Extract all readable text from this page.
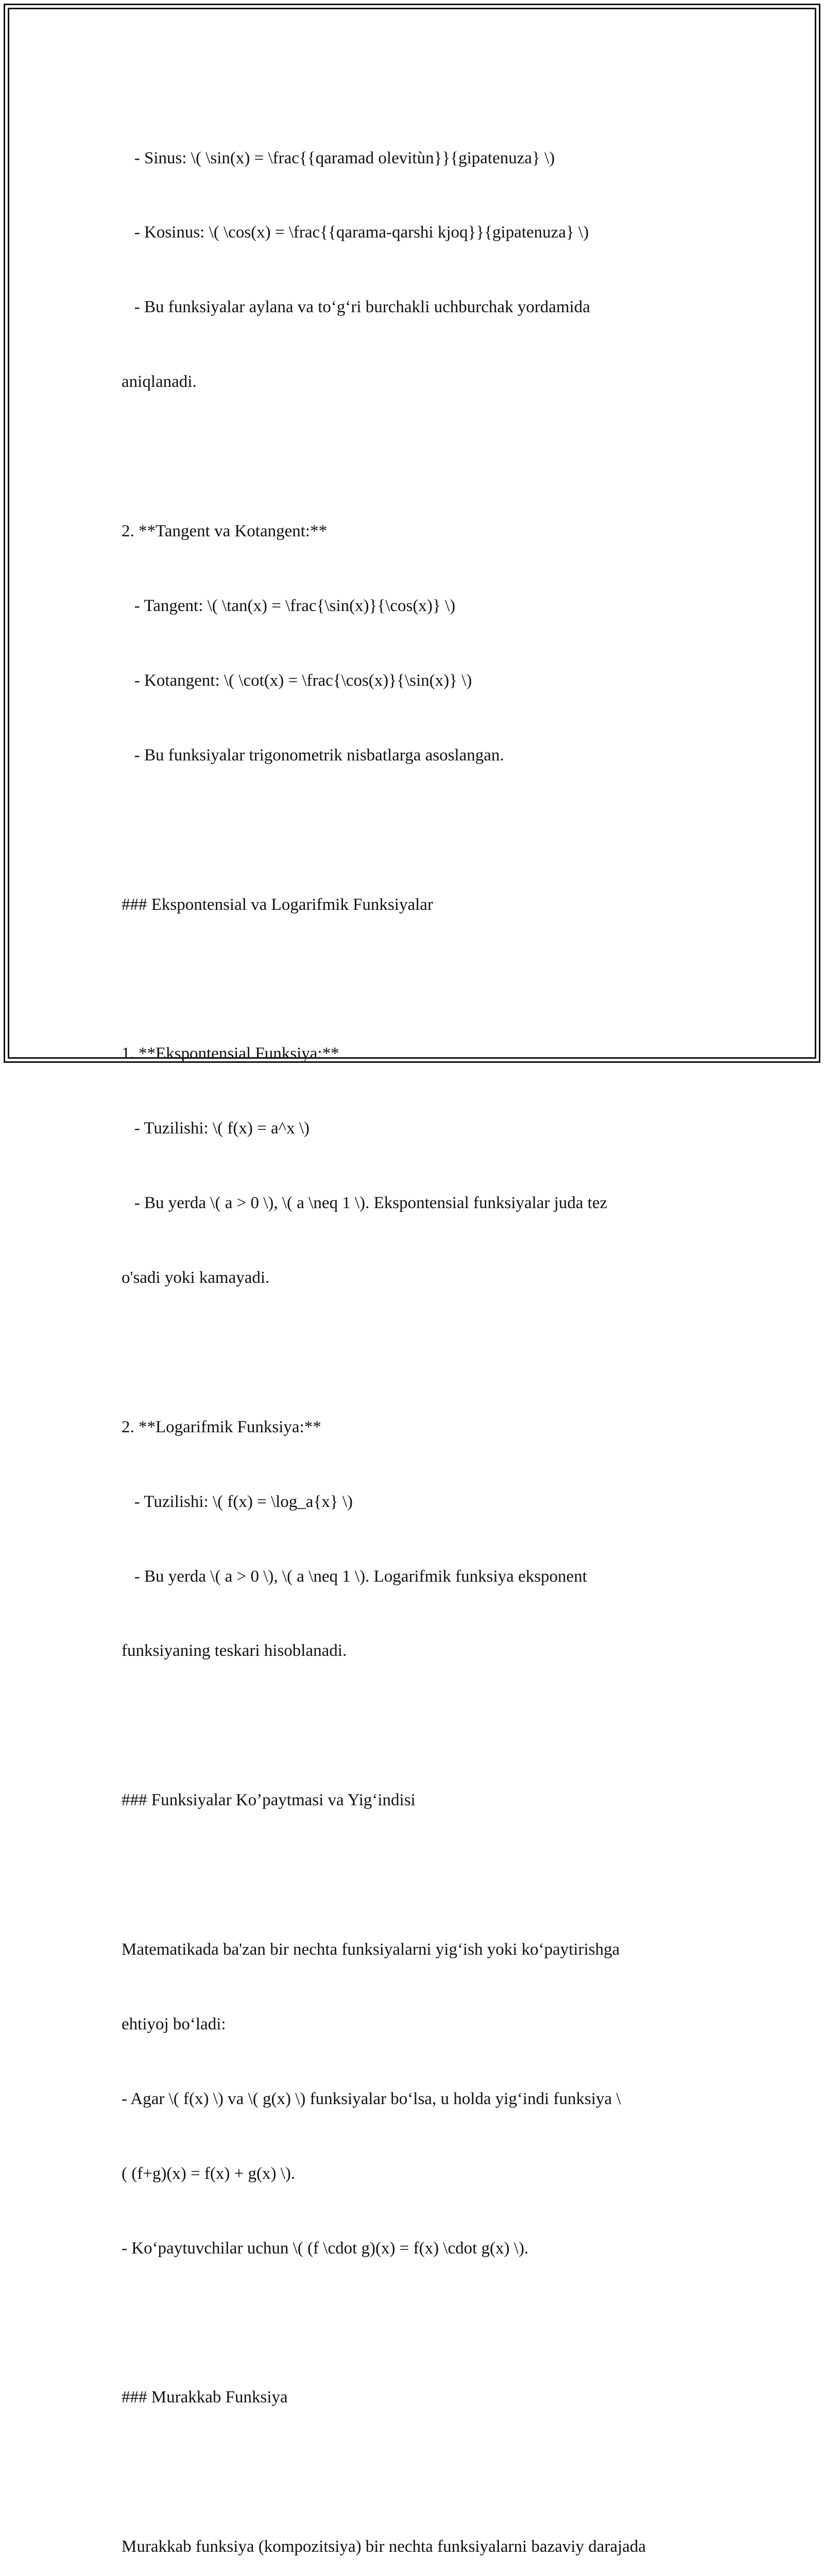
- Sinus: \( \sin(x) = \frac{{qaramad olevitùn}}{gipatenuza} \)

- Kosinus: \( \cos(x) = \frac{{qarama-qarshi kjoq}}{gipatenuza} \)

- Bu funksiyalar aylana va to‘g‘ri burchakli uchburchak yordamida

aniqlanadi.

2. **Tangent va Kotangent:**

- Tangent: \( \tan(x) = \frac{\sin(x)}{\cos(x)} \)

- Kotangent: \( \cot(x) = \frac{\cos(x)}{\sin(x)} \)

- Bu funksiyalar trigonometrik nisbatlarga asoslangan.

### Ekspontensial va Logarifmik Funksiyalar

1. **Ekspontensial Funksiya:**

- Tuzilishi: \( f(x) = a^x \)

- Bu yerda \( a > 0 \), \( a \neq 1 \). Ekspontensial funksiyalar juda tez

o'sadi yoki kamayadi.

2. **Logarifmik Funksiya:**

- Tuzilishi: \( f(x) = \log_a{x} \)

- Bu yerda \( a > 0 \), \( a \neq 1 \). Logarifmik funksiya eksponent

funksiyaning teskari hisoblanadi.

### Funksiyalar Ko’paytmasi va Yig‘indisi

Matematikada ba'zan bir nechta funksiyalarni yig‘ish yoki ko‘paytirishga

ehtiyoj bo‘ladi:

- Agar \( f(x) \) va \( g(x) \) funksiyalar bo‘lsa, u holda yig‘indi funksiya \

( (f+g)(x) = f(x) + g(x) \).

- Ko‘paytuvchilar uchun \( (f \cdot g)(x) = f(x) \cdot g(x) \).

### Murakkab Funksiya

Murakkab funksiya (kompozitsiya) bir nechta funksiyalarni bazaviy darajada
